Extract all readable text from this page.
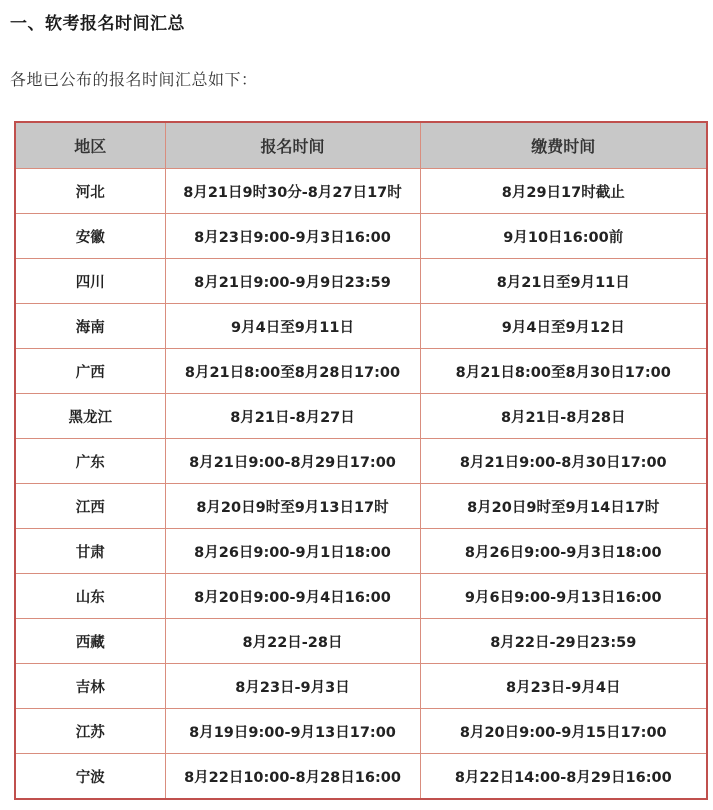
一、软考报名时间汇总
各地已公布的报名时间汇总如下：
地区	报名时间	缴费时间
河北	8月21日9时30分-8月27日17时	8月29日17时截止
安徽	8月23日9:00-9月3日16:00	9月10日16:00前
四川	8月21日9:00-9月9日23:59	8月21日至9月11日
海南	9月4日至9月11日	9月4日至9月12日
广西	8月21日8:00至8月28日17:00	8月21日8:00至8月30日17:00
黑龙江	8月21日-8月27日	8月21日-8月28日
广东	8月21日9:00-8月29日17:00	8月21日9:00-8月30日17:00
江西	8月20日9时至9月13日17时	8月20日9时至9月14日17时
甘肃	8月26日9:00-9月1日18:00	8月26日9:00-9月3日18:00
山东	8月20日9:00-9月4日16:00	9月6日9:00-9月13日16:00
西藏	8月22日-28日	8月22日-29日23:59
吉林	8月23日-9月3日	8月23日-9月4日
江苏	8月19日9:00-9月13日17:00	8月20日9:00-9月15日17:00
宁波	8月22日10:00-8月28日16:00	8月22日14:00-8月29日16:00
